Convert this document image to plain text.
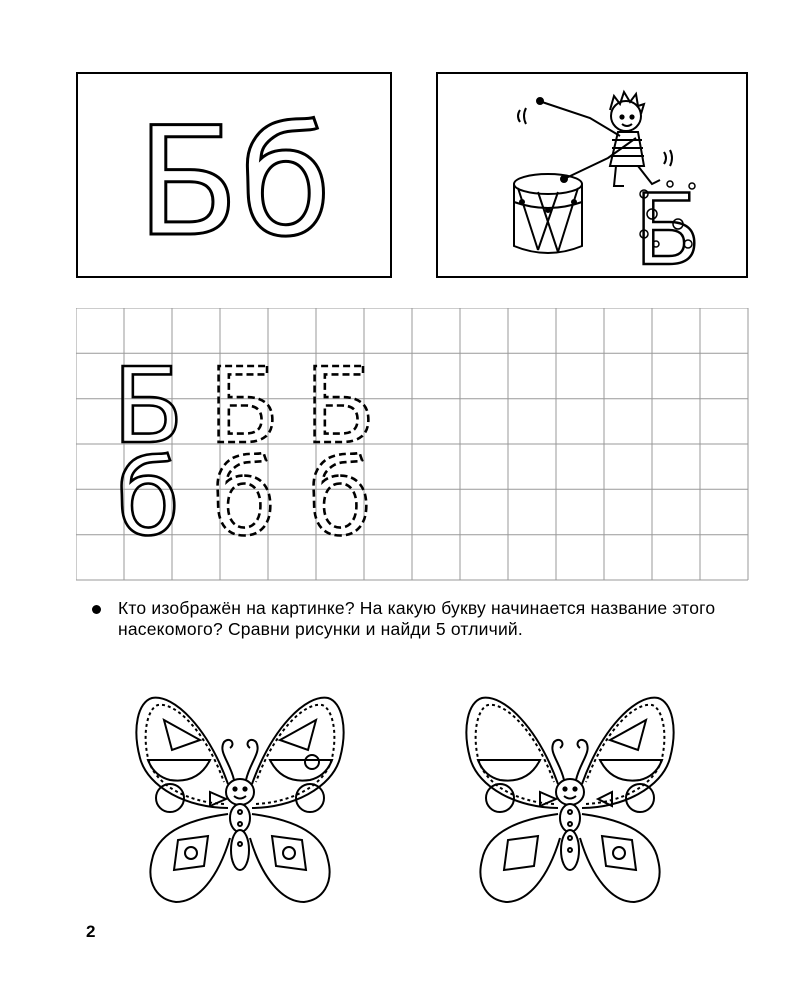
Бб	Б
Б Б Б
б б б
Кто изображён на картинке? На какую букву начинается название этого насекомого? Сравни рисунки и найди 5 отличий.
2
